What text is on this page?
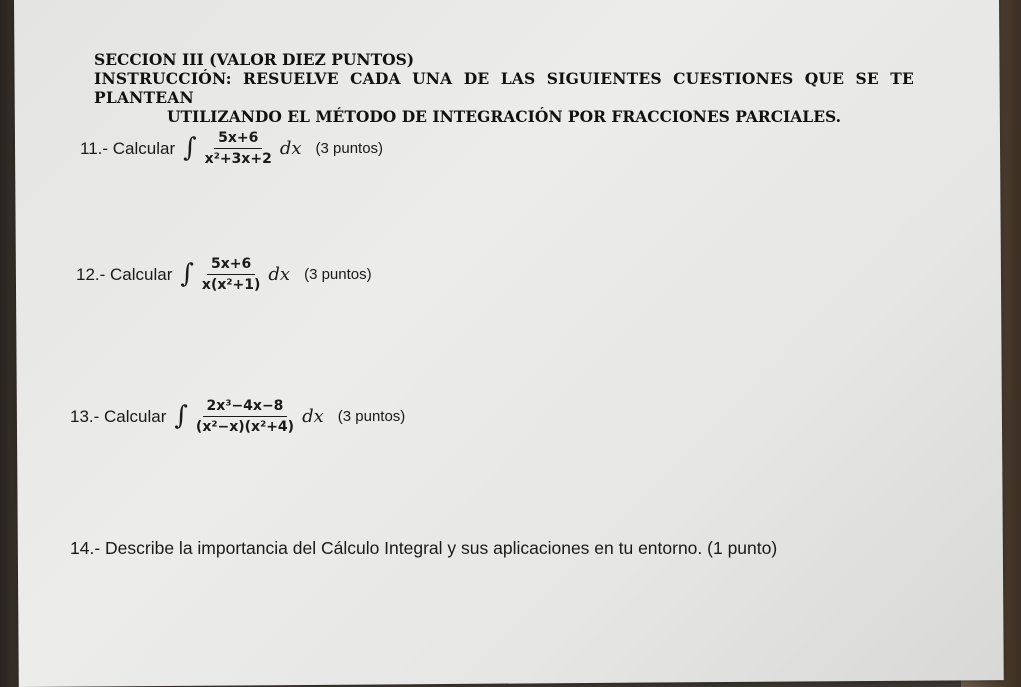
SECCION III (VALOR DIEZ PUNTOS)
INSTRUCCIÓN: RESUELVE CADA UNA DE LAS SIGUIENTES CUESTIONES QUE SE TE PLANTEAN
UTILIZANDO EL MÉTODO DE INTEGRACIÓN POR FRACCIONES PARCIALES.
11.- Calcular ∫ $\frac{5x+6}{\text{x²+3x+2}}$ dx (3 puntos)
12.- Calcular ∫ $\frac{5x+6}{\text{x(x²+1)}}$ dx (3 puntos)
13.- Calcular ∫ $\frac{\text{2x³−4x−8}}{\text{(x²−x)(x²+4)}}$ dx (3 puntos)
14.- Describe la importancia del Cálculo Integral y sus aplicaciones en tu entorno. (1 punto)
